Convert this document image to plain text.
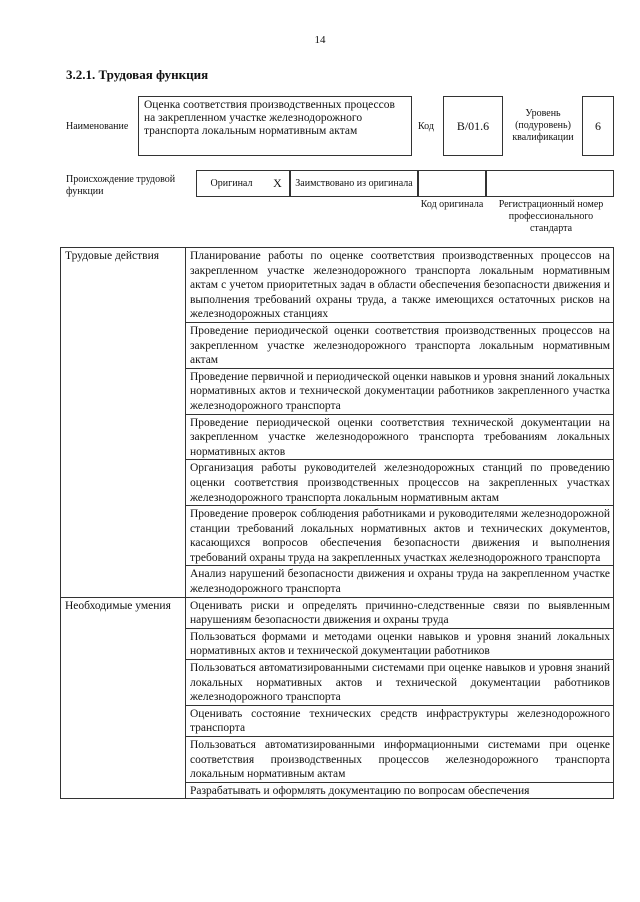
14
3.2.1. Трудовая функция
Наименование
Оценка соответствия производственных процессов на закрепленном участке железнодорожного транспорта локальным нормативным актам	Код	В/01.6
Уровень (подуровень) квалификации
6
Происхождение трудовой функции
Оригинал	X	Заимствовано из оригинала
Код оригинала	Регистрационный номер профессионального стандарта
Трудовые действия	Планирование работы по оценке соответствия производственных процессов на закрепленном участке железнодорожного транспорта локальным нормативным актам с учетом приоритетных задач в области обеспечения безопасности движения и выполнения требований охраны труда, а также имеющихся остаточных рисков на железнодорожных станциях
	Проведение периодической оценки соответствия производственных процессов на закрепленном участке железнодорожного транспорта локальным нормативным актам
	Проведение первичной и периодической оценки навыков и уровня знаний локальных нормативных актов и технической документации работников закрепленного участка железнодорожного транспорта
	Проведение периодической оценки соответствия технической документации на закрепленном участке железнодорожного транспорта требованиям локальных нормативных актов
	Организация работы руководителей железнодорожных станций по проведению оценки соответствия производственных процессов на закрепленных участках железнодорожного транспорта локальным нормативным актам
	Проведение проверок соблюдения работниками и руководителями железнодорожной станции требований локальных нормативных актов и технических документов, касающихся вопросов обеспечения безопасности движения и выполнения требований охраны труда на закрепленных участках железнодорожного транспорта
	Анализ нарушений безопасности движения и охраны труда на закрепленном участке железнодорожного транспорта
Необходимые умения	Оценивать риски и определять причинно-следственные связи по выявленным нарушениям безопасности движения и охраны труда
	Пользоваться формами и методами оценки навыков и уровня знаний локальных нормативных актов и технической документации работников
	Пользоваться автоматизированными системами при оценке навыков и уровня знаний локальных нормативных актов и технической документации работников железнодорожного транспорта
	Оценивать состояние технических средств инфраструктуры железнодорожного транспорта
	Пользоваться автоматизированными информационными системами при оценке соответствия производственных процессов железнодорожного транспорта локальным нормативным актам
	Разрабатывать и оформлять документацию по вопросам обеспечения
